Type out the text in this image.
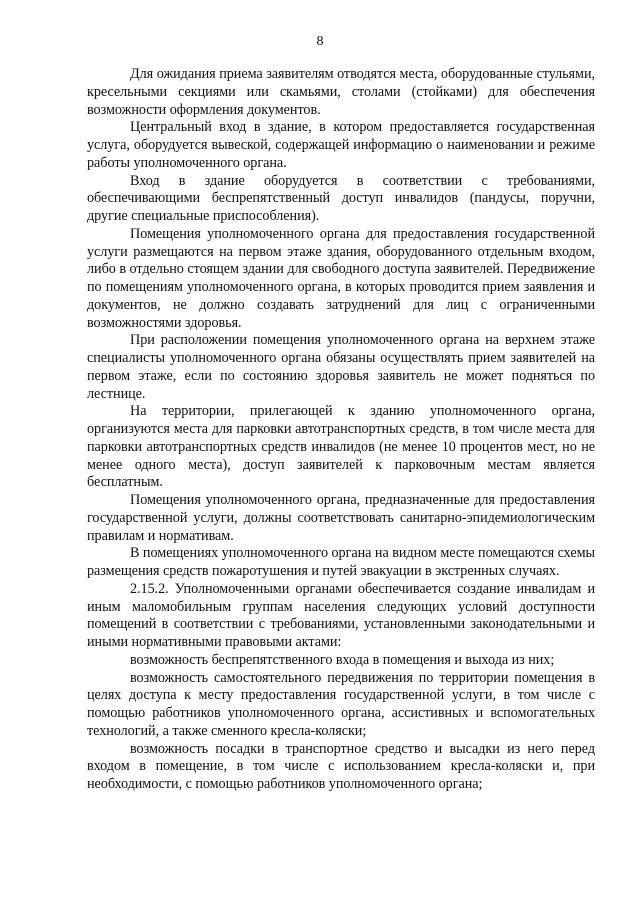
8

Для ожидания приема заявителям отводятся места, оборудованные стульями, кресельными секциями или скамьями, столами (стойками) для обеспечения возможности оформления документов.

Центральный вход в здание, в котором предоставляется государственная услуга, оборудуется вывеской, содержащей информацию о наименовании и режиме работы уполномоченного органа.

Вход в здание оборудуется в соответствии с требованиями, обеспечивающими беспрепятственный доступ инвалидов (пандусы, поручни, другие специальные приспособления).

Помещения уполномоченного органа для предоставления государственной услуги размещаются на первом этаже здания, оборудованного отдельным входом, либо в отдельно стоящем здании для свободного доступа заявителей. Передвижение по помещениям уполномоченного органа, в которых проводится прием заявления и документов, не должно создавать затруднений для лиц с ограниченными возможностями здоровья.

При расположении помещения уполномоченного органа на верхнем этаже специалисты уполномоченного органа обязаны осуществлять прием заявителей на первом этаже, если по состоянию здоровья заявитель не может подняться по лестнице.

На территории, прилегающей к зданию уполномоченного органа, организуются места для парковки автотранспортных средств, в том числе места для парковки автотранспортных средств инвалидов (не менее 10 процентов мест, но не менее одного места), доступ заявителей к парковочным местам является бесплатным.

Помещения уполномоченного органа, предназначенные для предоставления государственной услуги, должны соответствовать санитарно-эпидемиологическим правилам и нормативам.

В помещениях уполномоченного органа на видном месте помещаются схемы размещения средств пожаротушения и путей эвакуации в экстренных случаях.

2.15.2. Уполномоченными органами обеспечивается создание инвалидам и иным маломобильным группам населения следующих условий доступности помещений в соответствии с требованиями, установленными законодательными и иными нормативными правовыми актами:

возможность беспрепятственного входа в помещения и выхода из них;

возможность самостоятельного передвижения по территории помещения в целях доступа к месту предоставления государственной услуги, в том числе с помощью работников уполномоченного органа, ассистивных и вспомогательных технологий, а также сменного кресла-коляски;

возможность посадки в транспортное средство и высадки из него перед входом в помещение, в том числе с использованием кресла-коляски и, при необходимости, с помощью работников уполномоченного органа;
